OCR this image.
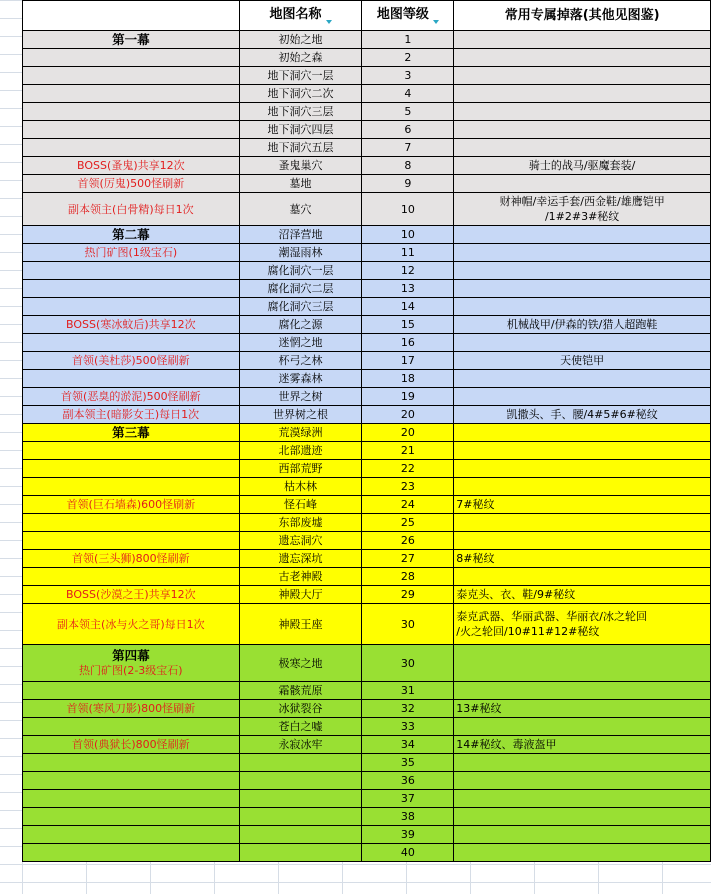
	地图名称	地图等级	常用专属掉落(其他见图鉴)
第一幕	初始之地	1	
	初始之森	2	
	地下洞穴一层	3	
	地下洞穴二次	4	
	地下洞穴三层	5	
	地下洞穴四层	6	
	地下洞穴五层	7	
BOSS(蚤鬼)共享12次	蚤鬼巢穴	8	骑士的战马/驱魔套装/
首领(厉鬼)500怪刷新	墓地	9	
副本领主(白骨精)每日1次	墓穴	10	财神帽/幸运手套/西金鞋/雄鹰铠甲
/1#2#3#秘纹

第二幕	沼泽营地	10	
热门矿图(1级宝石)	潮湿雨林	11	
	腐化洞穴一层	12	
	腐化洞穴二层	13	
	腐化洞穴三层	14	
BOSS(寒冰蚊后)共享12次	腐化之源	15	机械战甲/伊森的铁/猎人超跑鞋
	迷惘之地	16	
首领(美杜莎)500怪刷新	杯弓之林	17	天使铠甲
	迷雾森林	18	
首领(恶臭的淤泥)500怪刷新	世界之树	19	
副本领主(暗影女王)每日1次	世界树之根	20	凯撒头、手、腰/4#5#6#秘纹
第三幕	荒漠绿洲	20	
	北部遗迹	21	
	西部荒野	22	
	枯木林	23	
首领(巨石墙森)600怪刷新	怪石峰	24	7#秘纹
	东部废墟	25	
	遗忘洞穴	26	
首领(三头狮)800怪刷新	遗忘深坑	27	8#秘纹
	古老神殿	28	
BOSS(沙漠之王)共享12次	神殿大厅	29	泰克头、衣、鞋/9#秘纹
副本领主(冰与火之哥)每日1次	神殿王座	30	泰克武器、华丽武器、华丽衣/冰之轮回
/火之轮回/10#11#12#秘纹

第四幕
热门矿图(2-3级宝石)	极寒之地	30	
	霜骸荒原	31	
首领(寒风刀影)800怪刷新	冰狱裂谷	32	13#秘纹
	苍白之嘘	33	
首领(典狱长)800怪刷新	永寂冰牢	34	14#秘纹、毒液盔甲
		35	
		36	
		37	
		38	
		39	
		40	
